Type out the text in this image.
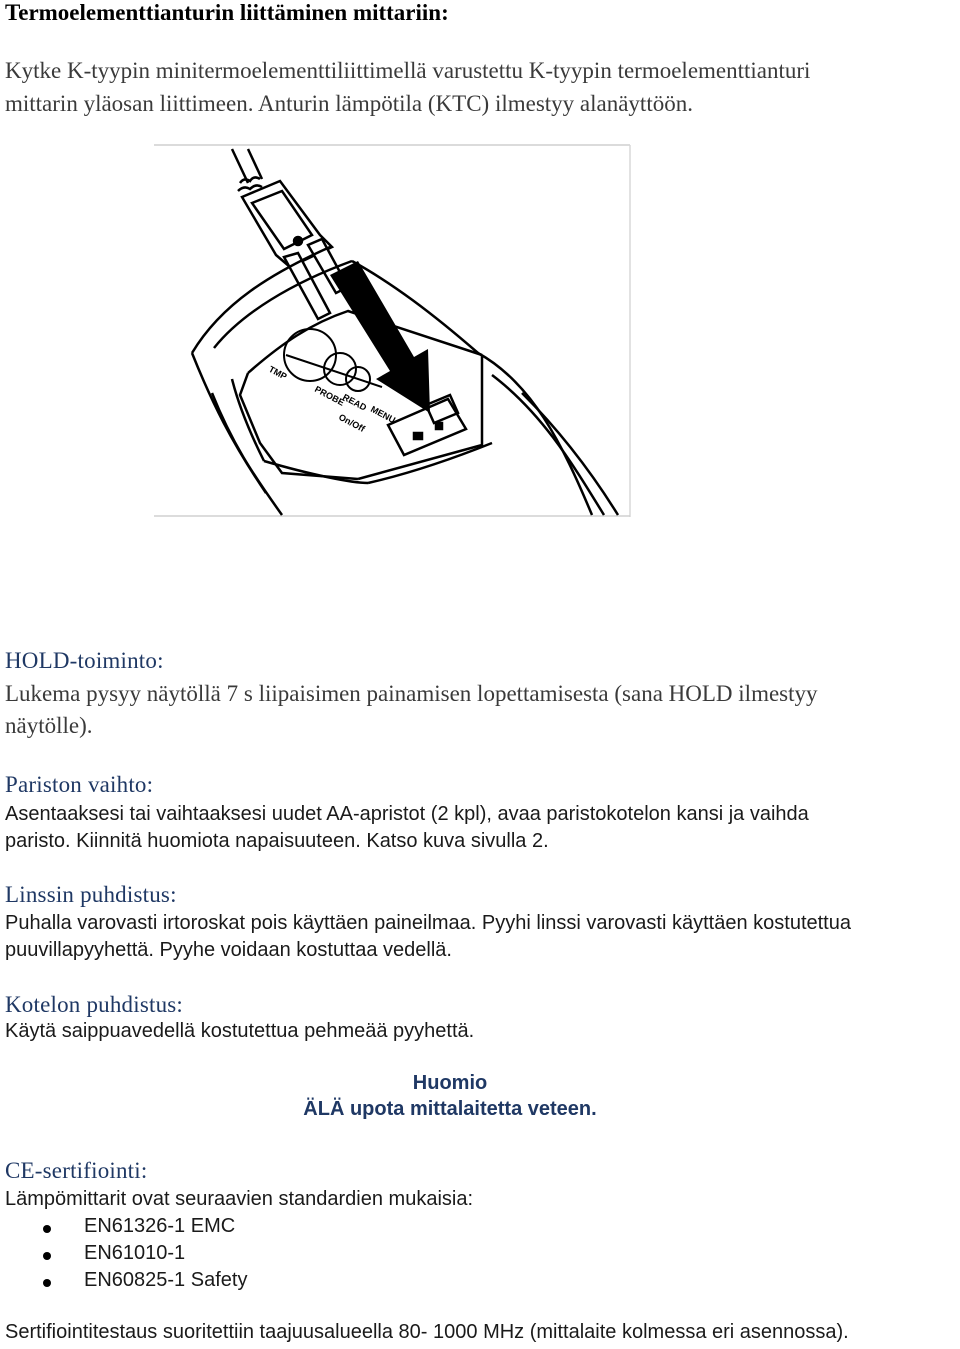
Termoelementtianturin liittäminen mittariin:
Kytke K-tyypin minitermoelementtiliittimellä varustettu K-tyypin termoelementtianturi
mittarin yläosan liittimeen. Anturin lämpötila (KTC) ilmestyy alanäyttöön.
TMP
PROBE
READ
MENU
On/Off
HOLD-toiminto:
Lukema pysyy näytöllä 7 s liipaisimen painamisen lopettamisesta (sana HOLD ilmestyy
näytölle).
Pariston vaihto:
Asentaaksesi tai vaihtaaksesi uudet AA-apristot (2 kpl), avaa paristokotelon kansi ja vaihda
paristo. Kiinnitä huomiota napaisuuteen. Katso kuva sivulla 2.
Linssin puhdistus:
Puhalla varovasti irtoroskat pois käyttäen paineilmaa. Pyyhi linssi varovasti käyttäen kostutettua
puuvillapyyhettä. Pyyhe voidaan kostuttaa vedellä.
Kotelon puhdistus:
Käytä saippuavedellä kostutettua pehmeää pyyhettä.
Huomio
ÄLÄ upota mittalaitetta veteen.
CE-sertifiointi:
Lämpömittarit ovat seuraavien standardien mukaisia:
EN61326-1 EMC
EN61010-1
EN60825-1 Safety
Sertifiointitestaus suoritettiin taajuusalueella 80- 1000 MHz (mittalaite kolmessa eri asennossa).
